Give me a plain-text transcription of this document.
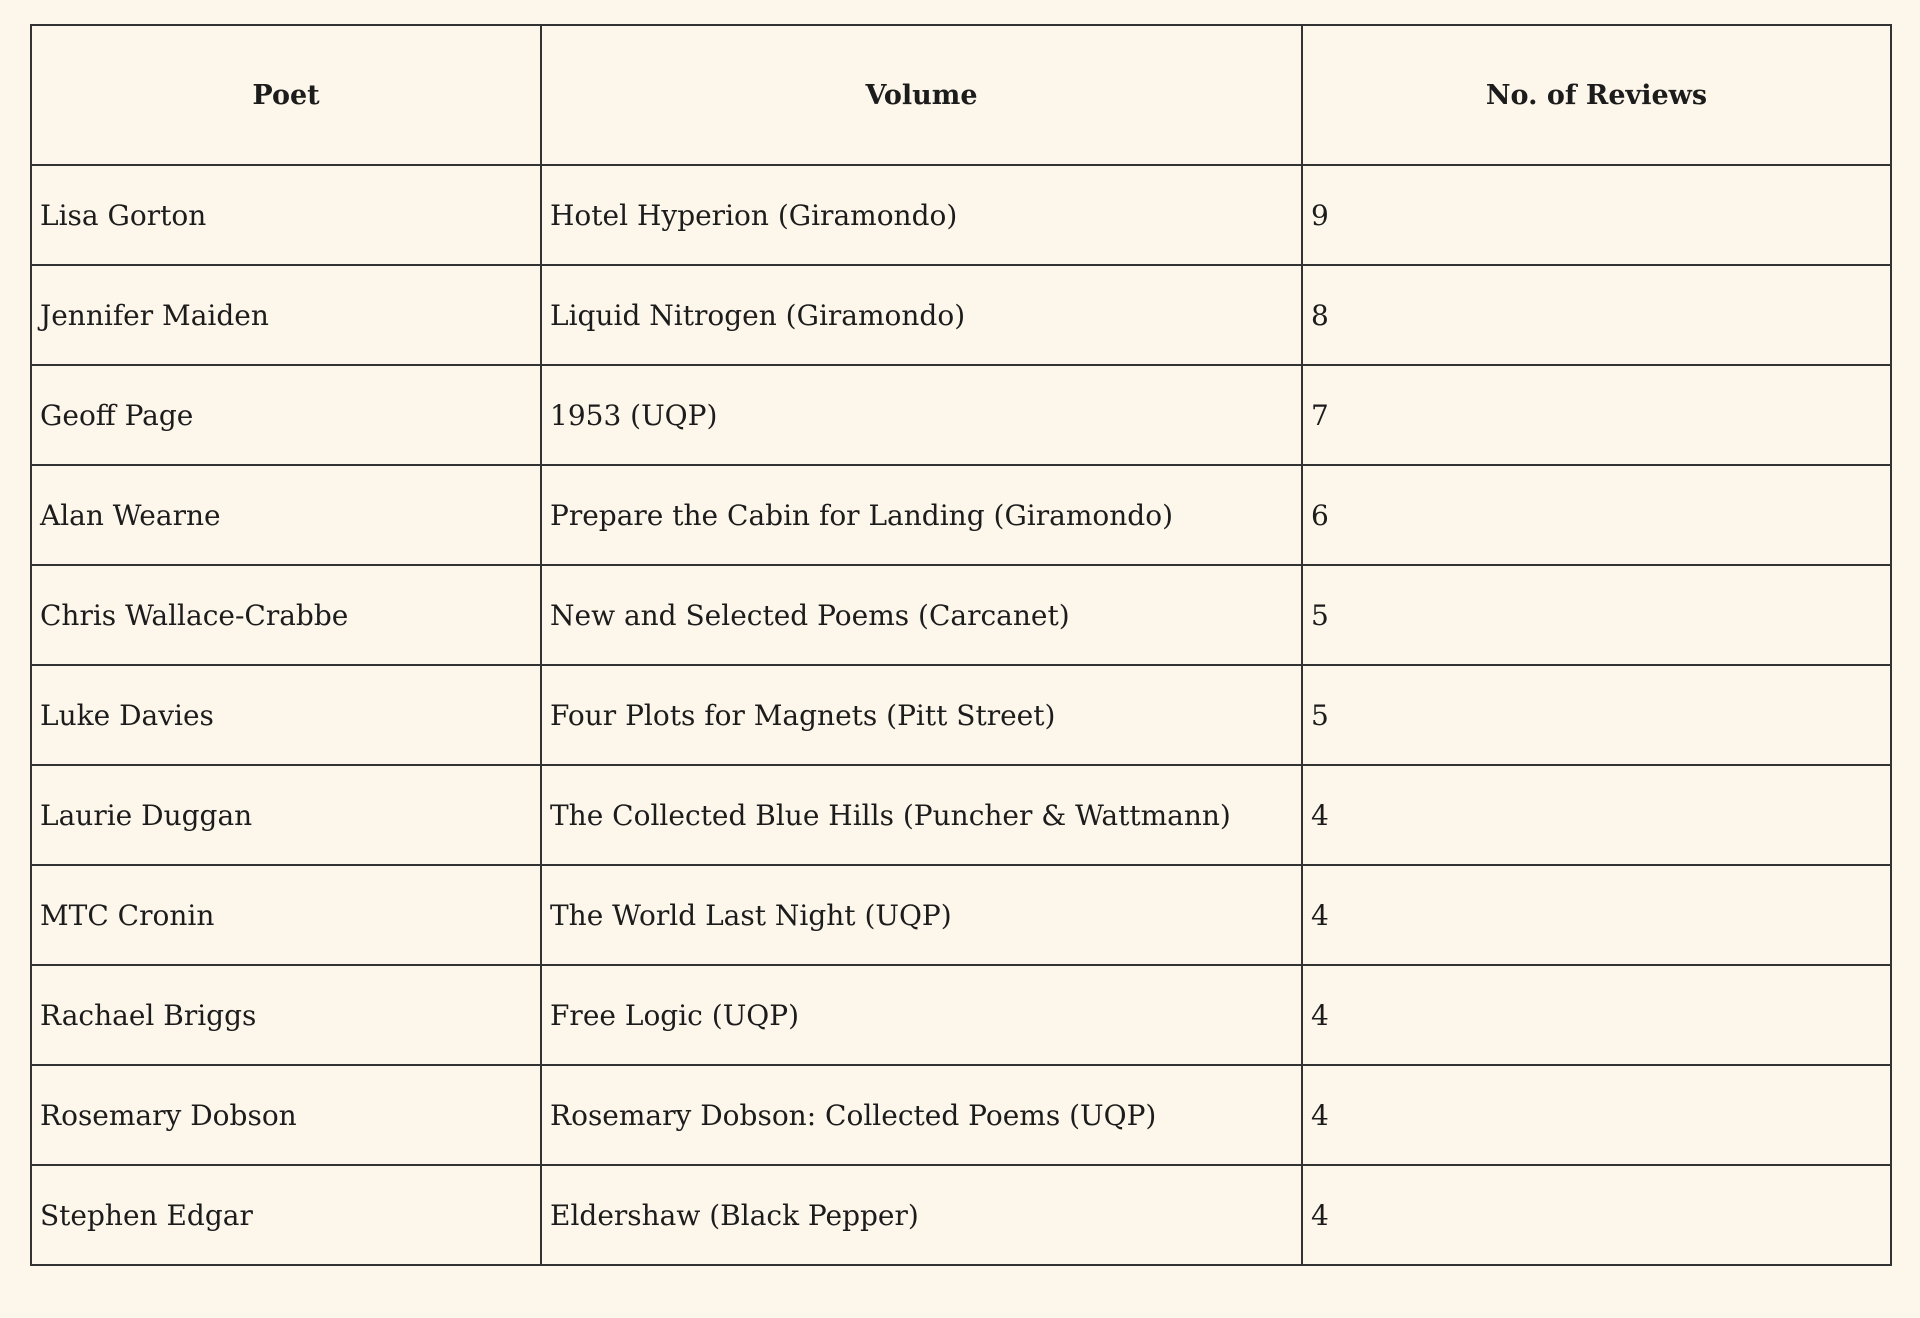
Poet	Volume	No. of Reviews
Lisa Gorton	Hotel Hyperion (Giramondo)	9
Jennifer Maiden	Liquid Nitrogen (Giramondo)	8
Geoff Page	1953 (UQP)	7
Alan Wearne	Prepare the Cabin for Landing (Giramondo)	6
Chris Wallace-Crabbe	New and Selected Poems (Carcanet)	5
Luke Davies	Four Plots for Magnets (Pitt Street)	5
Laurie Duggan	The Collected Blue Hills (Puncher & Wattmann)	4
MTC Cronin	The World Last Night (UQP)	4
Rachael Briggs	Free Logic (UQP)	4
Rosemary Dobson	Rosemary Dobson: Collected Poems (UQP)	4
Stephen Edgar	Eldershaw (Black Pepper)	4
